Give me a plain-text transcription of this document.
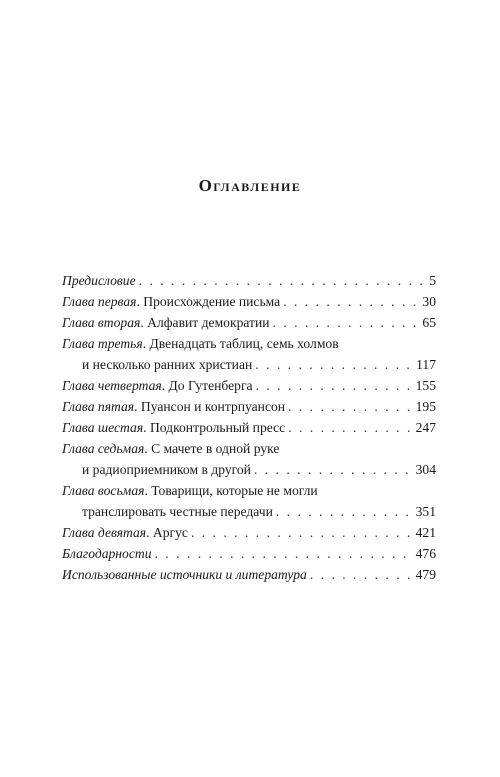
Оглавление
Предисловие . . .	5
Глава первая. Происхождение письма . . .	30
Глава вторая. Алфавит демократии . . .	65
Глава третья. Двенадцать таблиц, семь холмов
и несколько ранних христиан . . .	117
Глава четвертая. До Гутенберга . . .	155
Глава пятая. Пуансон и контрпуансон . . .	195
Глава шестая. Подконтрольный пресс . . .	247
Глава седьмая. С мачете в одной руке
и радиоприемником в другой . . .	304
Глава восьмая. Товарищи, которые не могли
транслировать честные передачи . . .	351
Глава девятая. Аргус . . .	421
Благодарности . . .	476
Использованные источники и литература . . .	479
